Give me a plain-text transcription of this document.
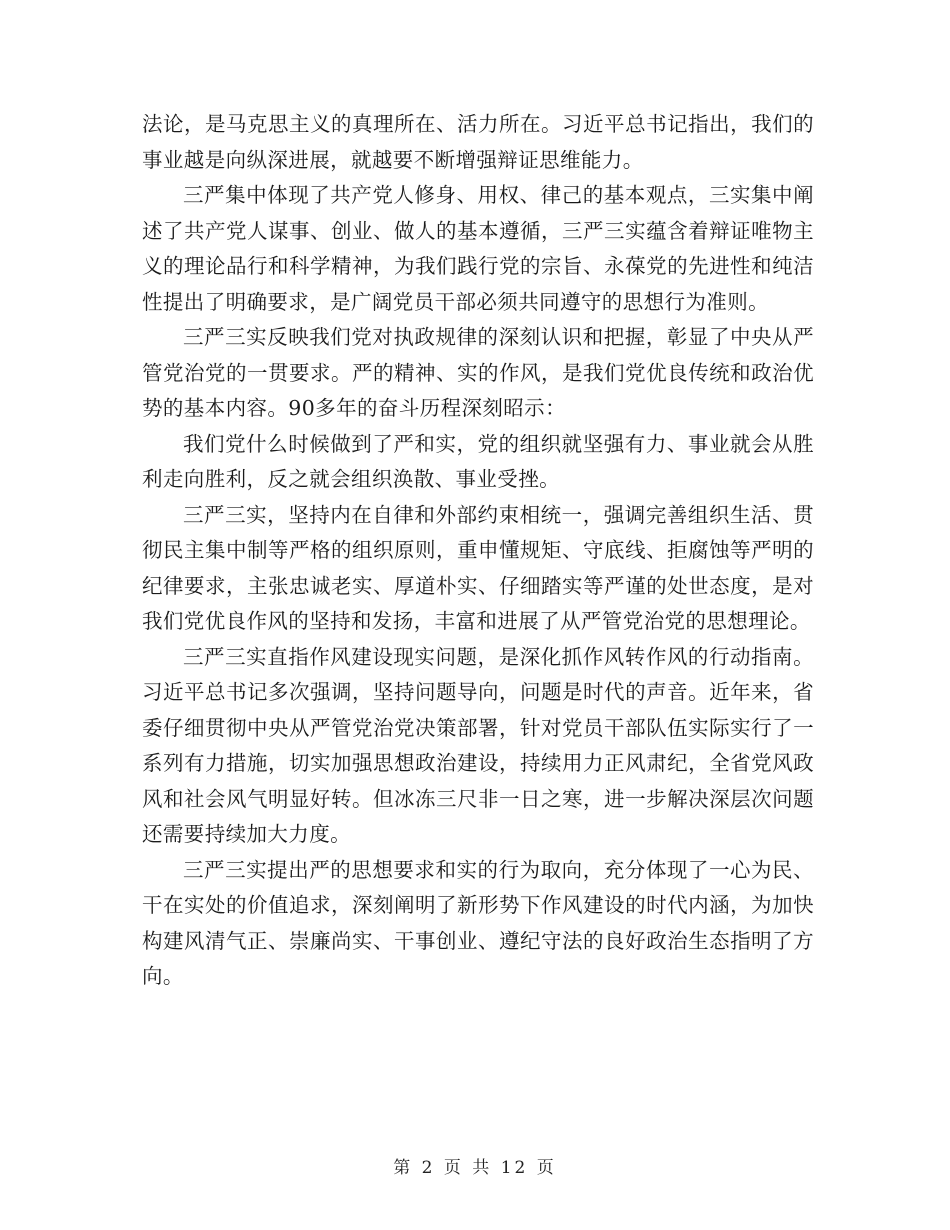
法论，是马克思主义的真理所在、活力所在。习近平总书记指出，我们的事业越是向纵深进展，就越要不断增强辩证思维能力。

三严集中体现了共产党人修身、用权、律己的基本观点，三实集中阐述了共产党人谋事、创业、做人的基本遵循，三严三实蕴含着辩证唯物主义的理论品行和科学精神，为我们践行党的宗旨、永葆党的先进性和纯洁性提出了明确要求，是广阔党员干部必须共同遵守的思想行为准则。

三严三实反映我们党对执政规律的深刻认识和把握，彰显了中央从严管党治党的一贯要求。严的精神、实的作风，是我们党优良传统和政治优势的基本内容。90多年的奋斗历程深刻昭示：

我们党什么时候做到了严和实，党的组织就坚强有力、事业就会从胜利走向胜利，反之就会组织涣散、事业受挫。

三严三实，坚持内在自律和外部约束相统一，强调完善组织生活、贯彻民主集中制等严格的组织原则，重申懂规矩、守底线、拒腐蚀等严明的纪律要求，主张忠诚老实、厚道朴实、仔细踏实等严谨的处世态度，是对我们党优良作风的坚持和发扬，丰富和进展了从严管党治党的思想理论。

三严三实直指作风建设现实问题，是深化抓作风转作风的行动指南。习近平总书记多次强调，坚持问题导向，问题是时代的声音。近年来，省委仔细贯彻中央从严管党治党决策部署，针对党员干部队伍实际实行了一系列有力措施，切实加强思想政治建设，持续用力正风肃纪，全省党风政风和社会风气明显好转。但冰冻三尺非一日之寒，进一步解决深层次问题还需要持续加大力度。

三严三实提出严的思想要求和实的行为取向，充分体现了一心为民、干在实处的价值追求，深刻阐明了新形势下作风建设的时代内涵，为加快构建风清气正、崇廉尚实、干事创业、遵纪守法的良好政治生态指明了方向。

第 2 页 共 12 页
